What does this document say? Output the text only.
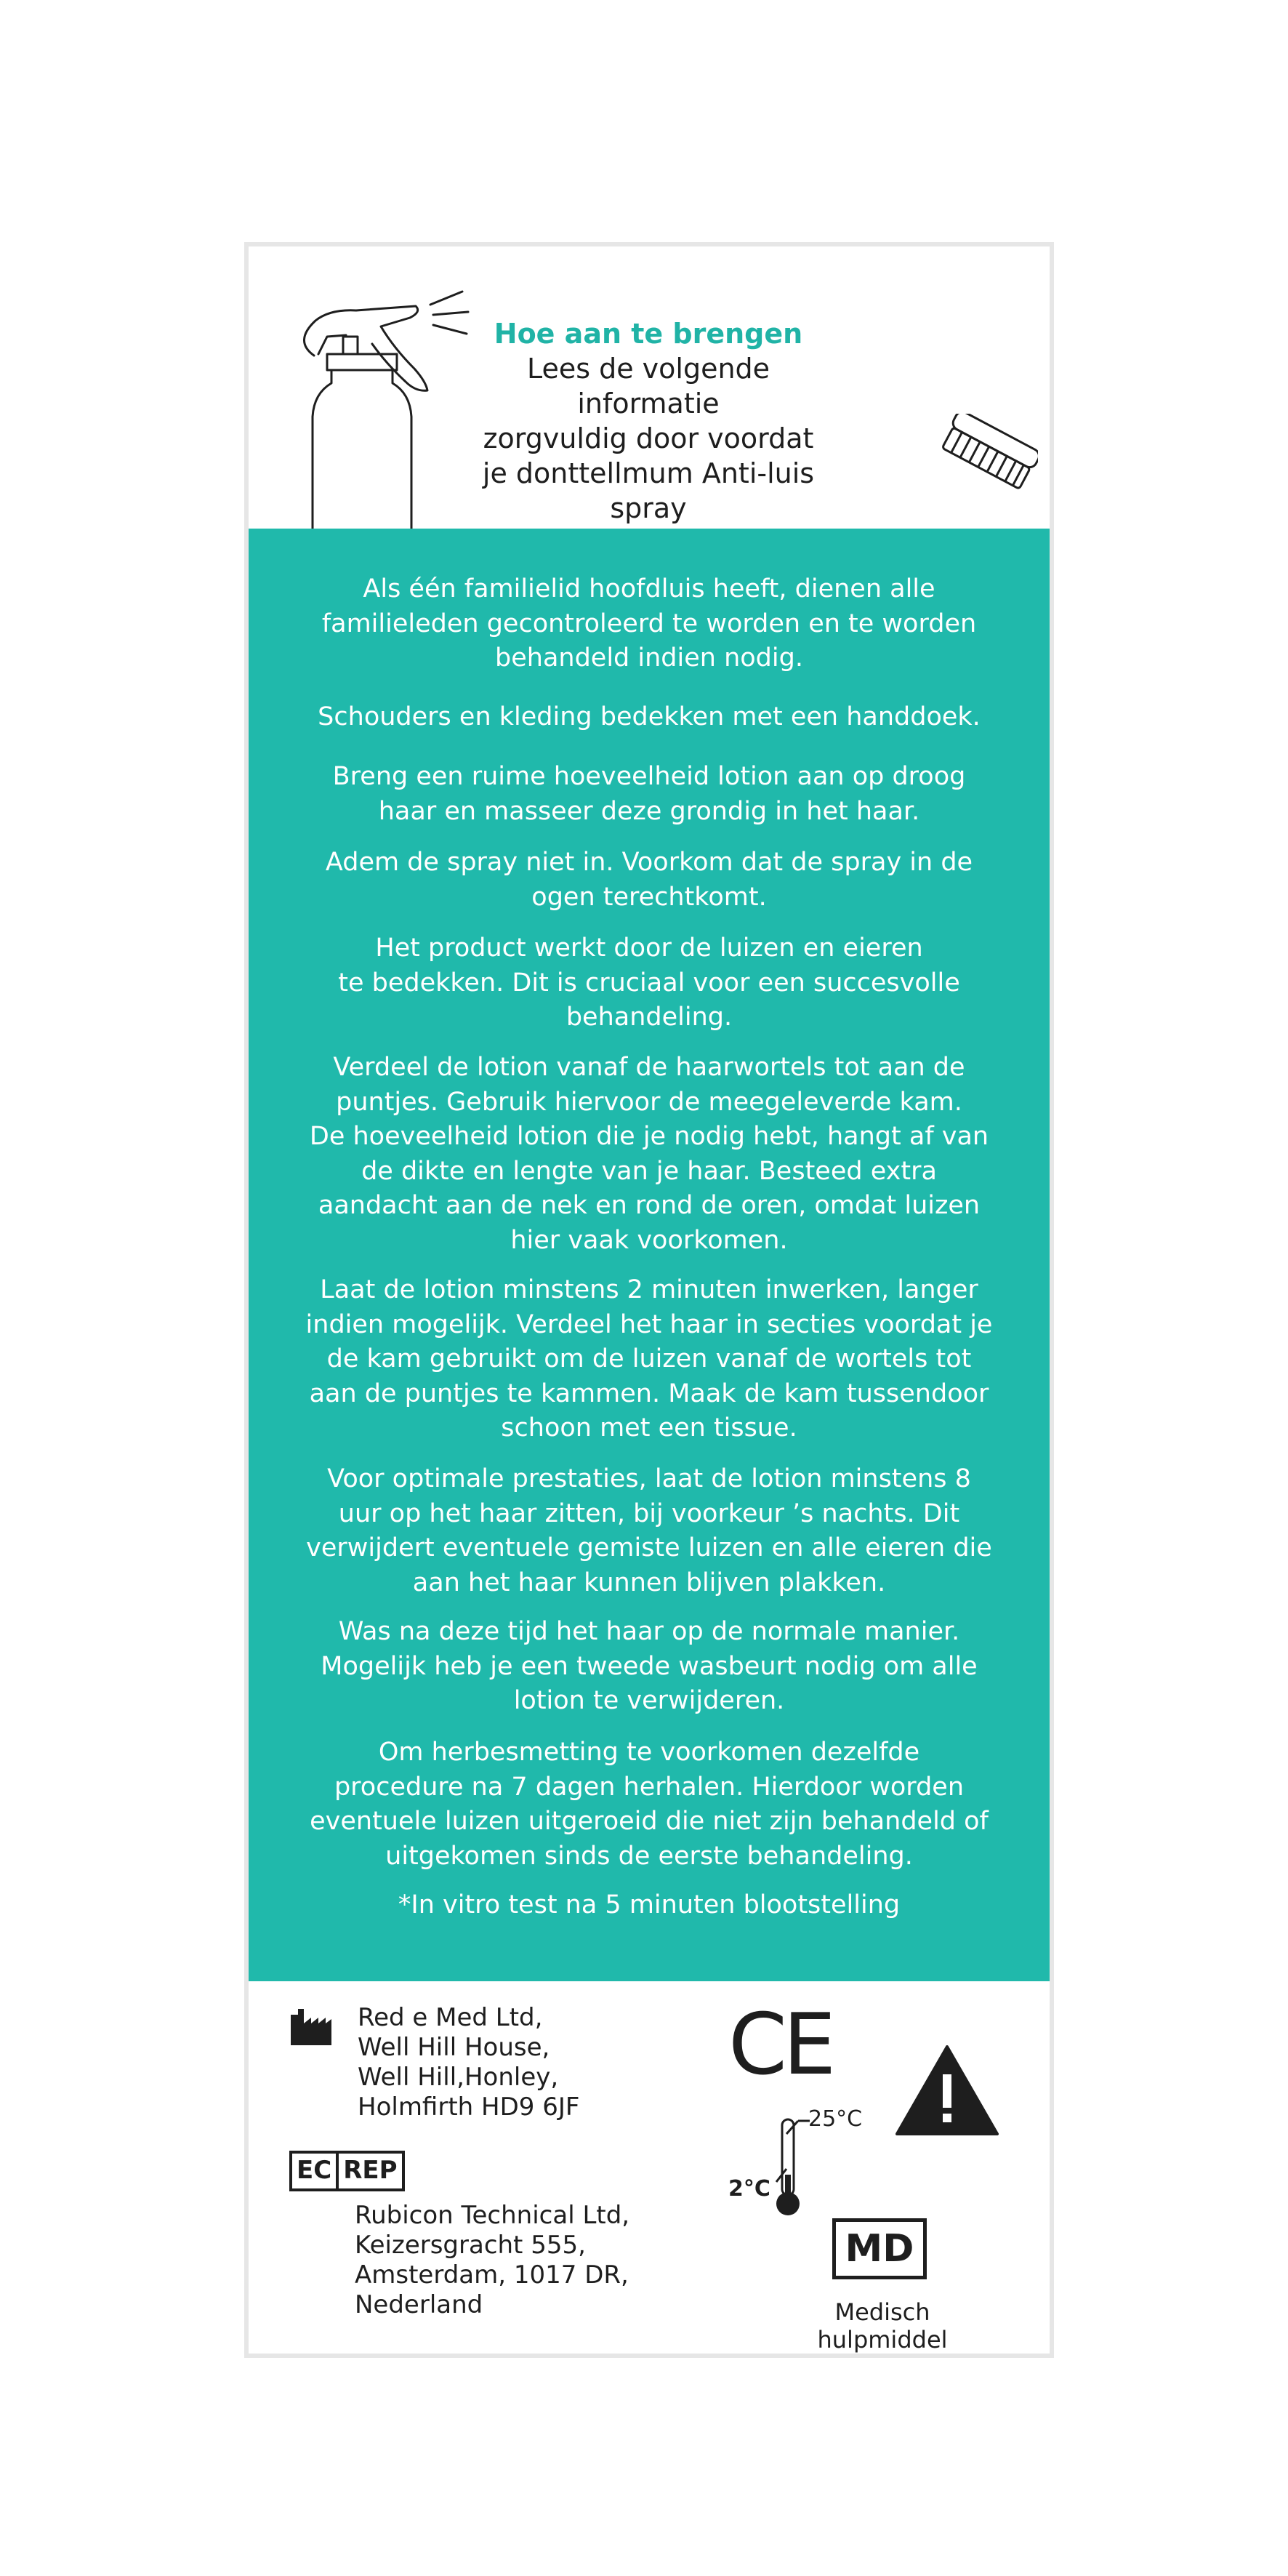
Hoe aan te brengen
Lees de volgende informatie
zorgvuldig door voordat
je donttellmum Anti-luis spray
Als één familielid hoofdluis heeft, dienen alle
familieleden gecontroleerd te worden en te worden
behandeld indien nodig.
Schouders en kleding bedekken met een handdoek.
Breng een ruime hoeveelheid lotion aan op droog
haar en masseer deze grondig in het haar.
Adem de spray niet in. Voorkom dat de spray in de
ogen terechtkomt.
Het product werkt door de luizen en eieren
te bedekken. Dit is cruciaal voor een succesvolle
behandeling.
Verdeel de lotion vanaf de haarwortels tot aan de
puntjes. Gebruik hiervoor de meegeleverde kam.
De hoeveelheid lotion die je nodig hebt, hangt af van
de dikte en lengte van je haar. Besteed extra
aandacht aan de nek en rond de oren, omdat luizen
hier vaak voorkomen.
Laat de lotion minstens 2 minuten inwerken, langer
indien mogelijk. Verdeel het haar in secties voordat je
de kam gebruikt om de luizen vanaf de wortels tot
aan de puntjes te kammen. Maak de kam tussendoor
schoon met een tissue.
Voor optimale prestaties, laat de lotion minstens 8
uur op het haar zitten, bij voorkeur ’s nachts. Dit
verwijdert eventuele gemiste luizen en alle eieren die
aan het haar kunnen blijven plakken.
Was na deze tijd het haar op de normale manier.
Mogelijk heb je een tweede wasbeurt nodig om alle
lotion te verwijderen.
Om herbesmetting te voorkomen dezelfde
procedure na 7 dagen herhalen. Hierdoor worden
eventuele luizen uitgeroeid die niet zijn behandeld of
uitgekomen sinds de eerste behandeling.
*In vitro test na 5 minuten blootstelling
Red e Med Ltd,
Well Hill House,
Well Hill,Honley,
Holmfirth HD9 6JF
EC REP
Rubicon Technical Ltd,
Keizersgracht 555,
Amsterdam, 1017 DR,
Nederland
CE
25°C
2°C
MD
Medisch hulpmiddel
